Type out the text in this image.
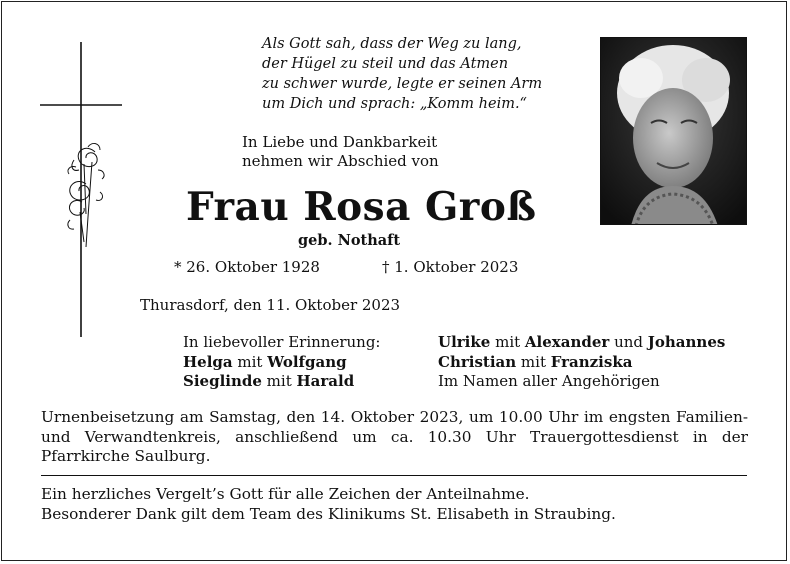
Als Gott sah, dass der Weg zu lang,
der Hügel zu steil und das Atmen
zu schwer wurde, legte er seinen Arm
um Dich und sprach: „Komm heim.“
In Liebe und Dankbarkeit
nehmen wir Abschied von
Frau Rosa Groß
geb. Nothaft
* 26. Oktober 1928	† 1. Oktober 2023
Thurasdorf, den 11. Oktober 2023
In liebevoller Erinnerung:
Helga mit Wolfgang
Sieglinde mit Harald
Ulrike mit Alexander und Johannes
Christian mit Franziska
Im Namen aller Angehörigen
Urnenbeisetzung am Samstag, den 14. Oktober 2023, um 10.00 Uhr im engsten Familien- und Verwandtenkreis, anschließend um ca. 10.30 Uhr Trauergottesdienst in der Pfarrkirche Saulburg.
Ein herzliches Vergelt’s Gott für alle Zeichen der Anteilnahme.
Besonderer Dank gilt dem Team des Klinikums St. Elisabeth in Straubing.
